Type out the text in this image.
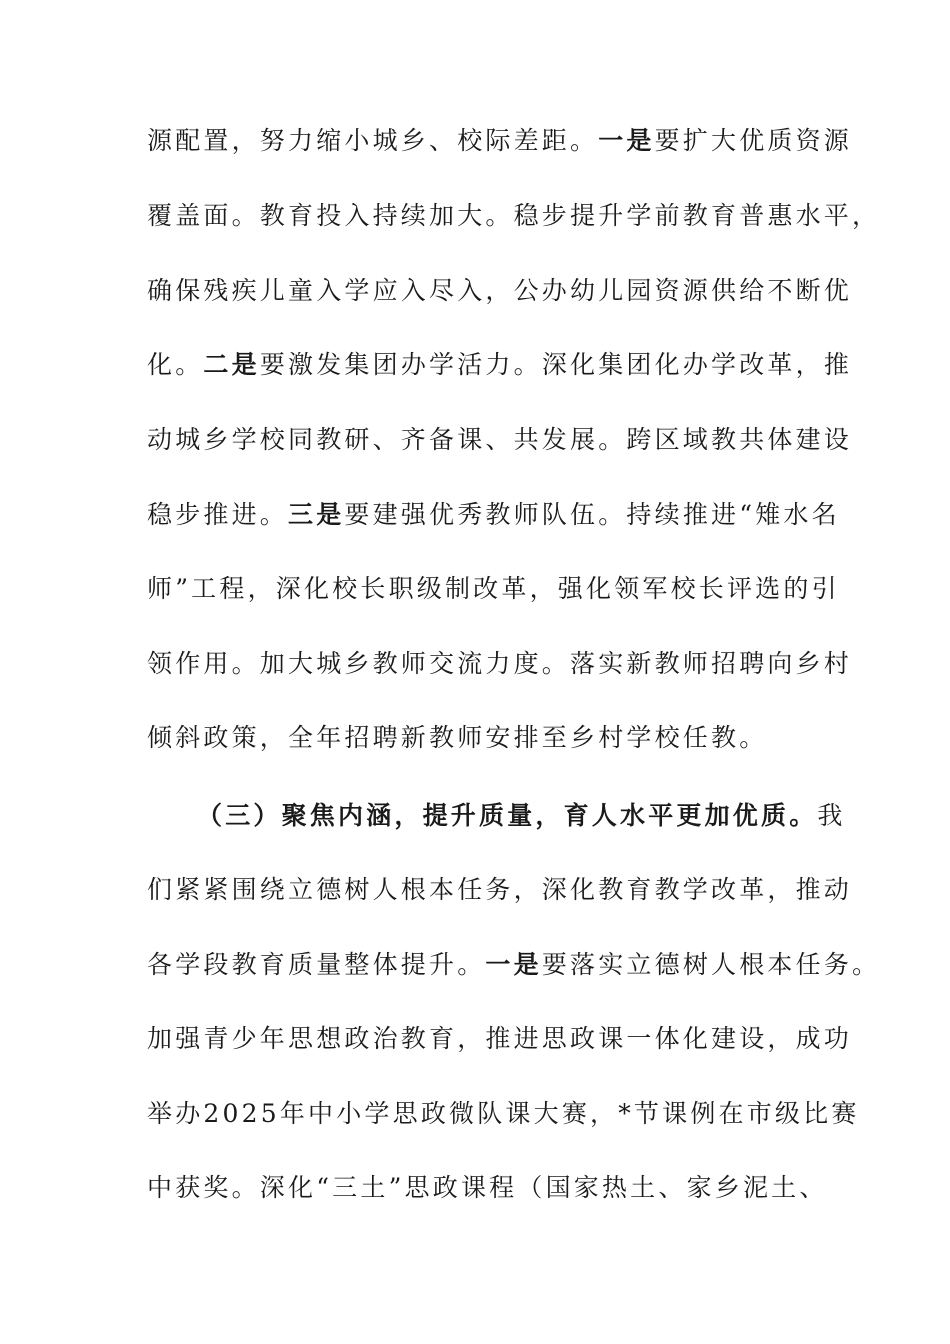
源配置，努力缩小城乡、校际差距。一是要扩大优质资源
覆盖面。教育投入持续加大。稳步提升学前教育普惠水平，
确保残疾儿童入学应入尽入，公办幼儿园资源供给不断优
化。二是要激发集团办学活力。深化集团化办学改革，推
动城乡学校同教研、齐备课、共发展。跨区域教共体建设
稳步推进。三是要建强优秀教师队伍。持续推进“雉水名
师”工程，深化校长职级制改革，强化领军校长评选的引
领作用。加大城乡教师交流力度。落实新教师招聘向乡村
倾斜政策，全年招聘新教师安排至乡村学校任教。
（三）聚焦内涵，提升质量，育人水平更加优质。我
们紧紧围绕立德树人根本任务，深化教育教学改革，推动
各学段教育质量整体提升。一是要落实立德树人根本任务。
加强青少年思想政治教育，推进思政课一体化建设，成功
举办2025年中小学思政微队课大赛，*节课例在市级比赛
中获奖。深化“三土”思政课程（国家热土、家乡泥土、
